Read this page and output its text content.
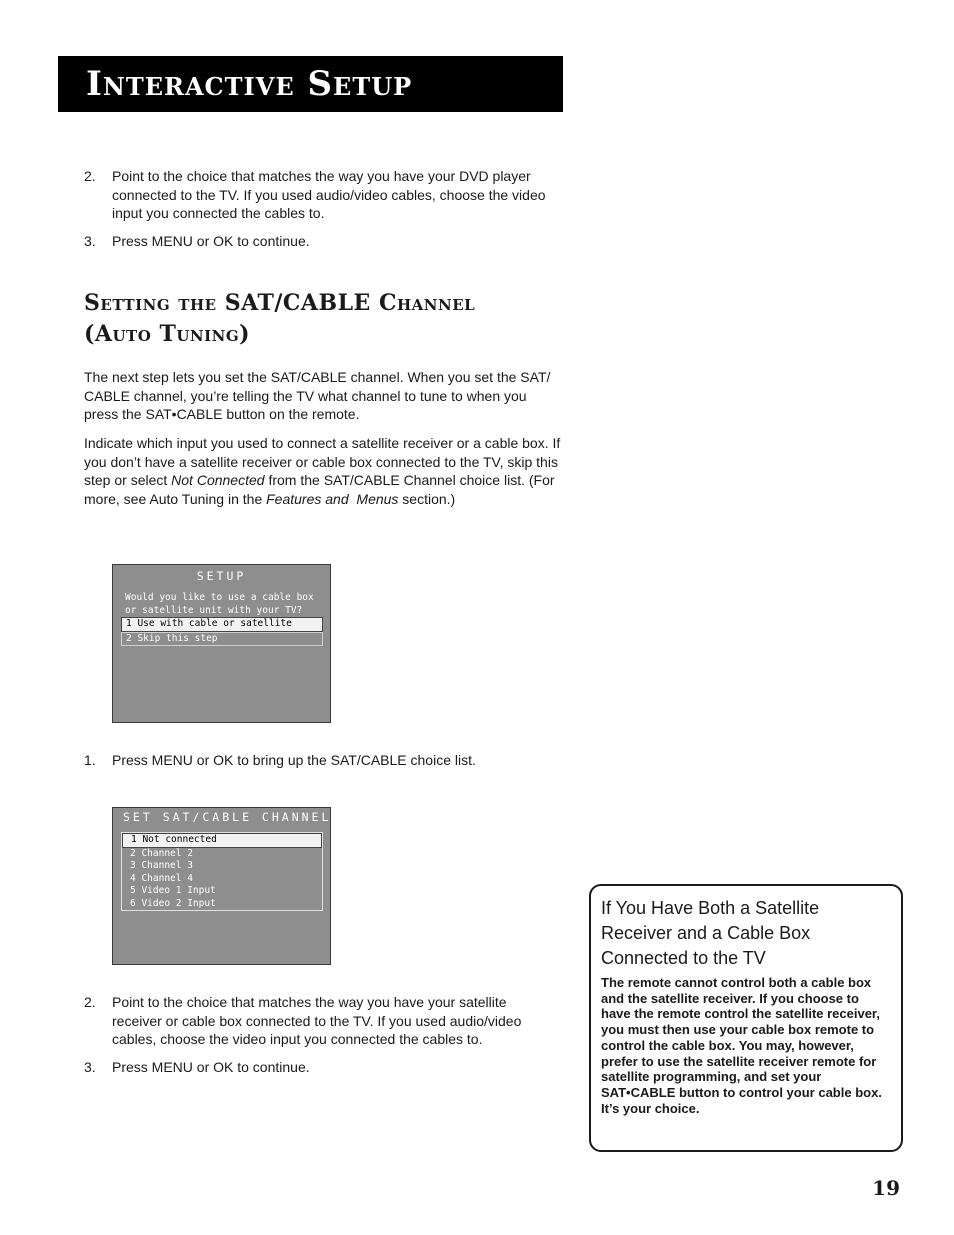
Interactive Setup
2. Point to the choice that matches the way you have your DVD player connected to the TV. If you used audio/video cables, choose the video input you connected the cables to.
3. Press MENU or OK to continue.
Setting the SAT/CABLE Channel
(Auto Tuning)

The next step lets you set the SAT/CABLE channel. When you set the SAT/ CABLE channel, you’re telling the TV what channel to tune to when you press the SAT•CABLE button on the remote.

Indicate which input you used to connect a satellite receiver or a cable box. If you don’t have a satellite receiver or cable box connected to the TV, skip this step or select Not Connected from the SAT/CABLE Channel choice list. (For more, see Auto Tuning in the Features and  Menus section.)

SETUP
Would you like to use a cable box or satellite unit with your TV?
1 Use with cable or satellite
2 Skip this step
1. Press MENU or OK to bring up the SAT/CABLE choice list.
SET SAT/CABLE CHANNEL
1 Not connected
2 Channel 2
3 Channel 3
4 Channel 4
5 Video 1 Input
6 Video 2 Input
2. Point to the choice that matches the way you have your satellite receiver or cable box connected to the TV. If you used audio/video cables, choose the video input you connected the cables to.
3. Press MENU or OK to continue.
If You Have Both a Satellite Receiver and a Cable Box Connected to the TV

The remote cannot control both a cable box and the satellite receiver. If you choose to have the remote control the satellite receiver, you must then use your cable box remote to control the cable box. You may, however, prefer to use the satellite receiver remote for satellite programming, and set your SAT•CABLE button to control your cable box. It’s your choice.

19
